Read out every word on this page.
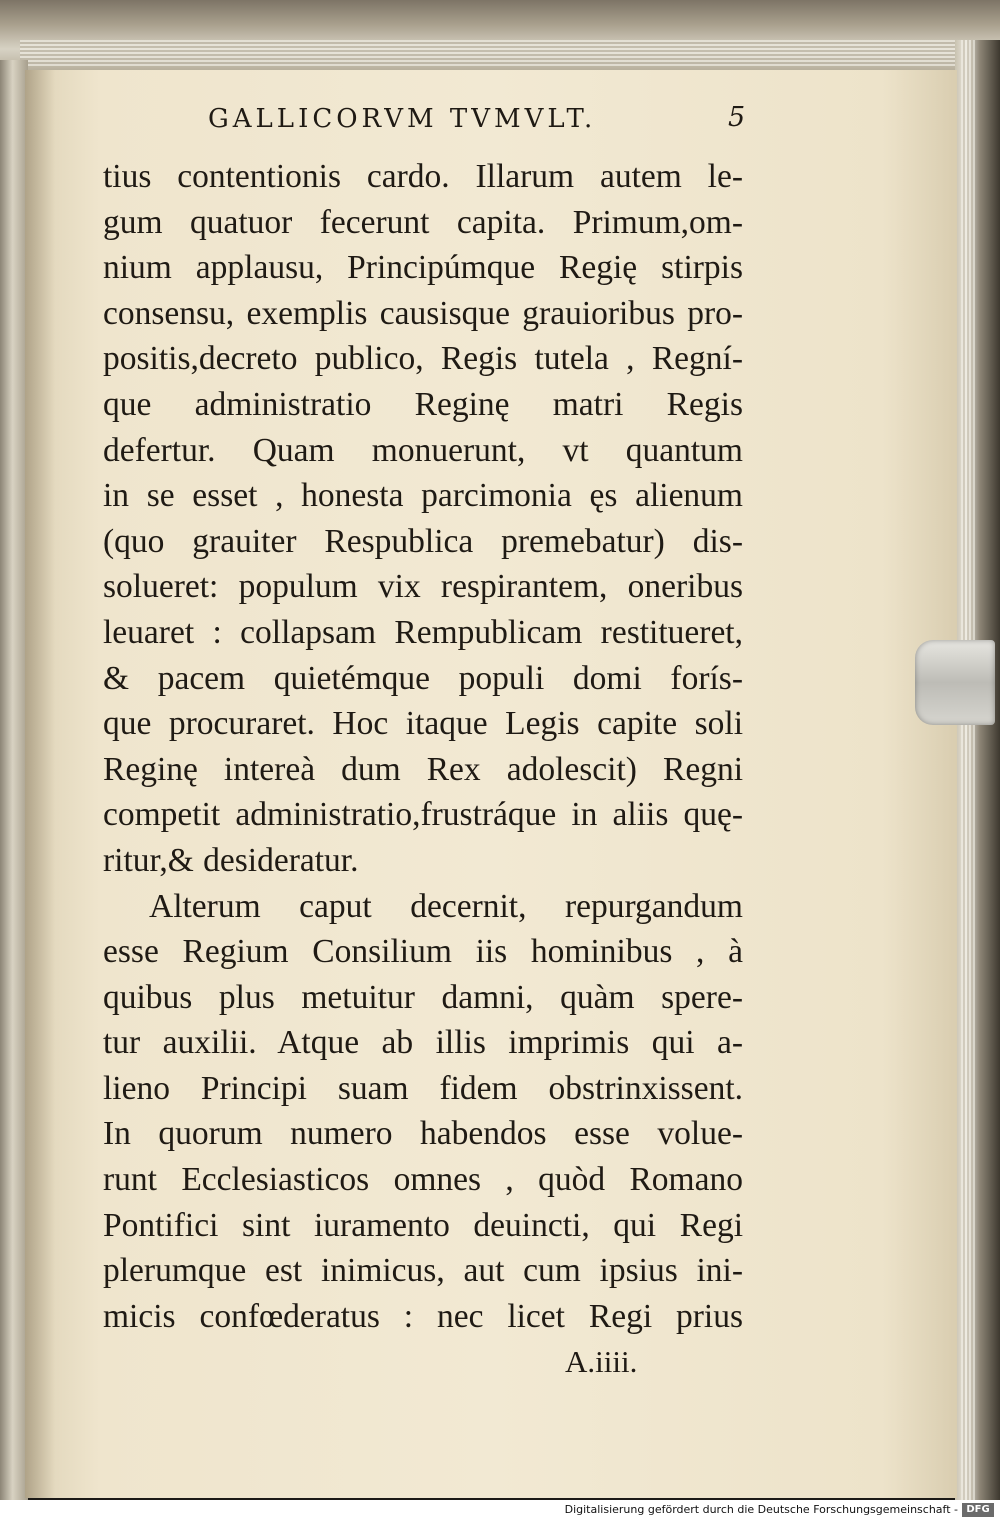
GALLICORVM TVMVLT.	5
tius contentionis cardo. Illarum autem le-
gum quatuor fecerunt capita. Primum,om-
nium applausu, Principúmque Regię stirpis
consensu, exemplis causisque grauioribus pro-
positis,decreto publico, Regis tutela , Regní-
que administratio Reginę matri Regis
defertur. Quam monuerunt, vt quantum
in se esset , honesta parcimonia ęs alienum
(quo grauiter Respublica premebatur) dis-
solueret: populum vix respirantem, oneribus
leuaret : collapsam Rempublicam restitueret,
& pacem quietémque populi domi forís-
que procuraret. Hoc itaque Legis capite soli
Reginę intereà dum Rex adolescit) Regni
competit administratio,frustráque in aliis quę-
ritur,& desideratur.
Alterum caput decernit, repurgandum
esse Regium Consilium iis hominibus , à
quibus plus metuitur damni, quàm spere-
tur auxilii. Atque ab illis imprimis qui a-
lieno Principi suam fidem obstrinxissent.
In quorum numero habendos esse volue-
runt Ecclesiasticos omnes , quòd Romano
Pontifici sint iuramento deuincti, qui Regi
plerumque est inimicus, aut cum ipsius ini-
micis confœderatus : nec licet Regi prius
A.iiii.
Digitalisierung gefördert durch die Deutsche Forschungsgemeinschaft - DFG
